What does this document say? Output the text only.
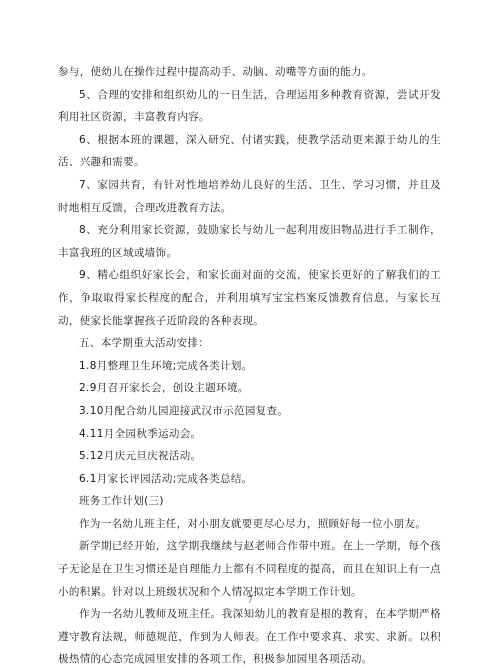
参与，使幼儿在操作过程中提高动手、动脑、动嘴等方面的能力。

5、合理的安排和组织幼儿的一日生活，合理运用多种教育资源，尝试开发利用社区资源，丰富教育内容。

6、根据本班的课题，深入研究、付诸实践，使教学活动更来源于幼儿的生活、兴趣和需要。

7、家园共育，有针对性地培养幼儿良好的生活、卫生、学习习惯，并且及时地相互反馈，合理改进教育方法。

8、充分利用家长资源，鼓励家长与幼儿一起利用废旧物品进行手工制作，丰富我班的区域或墙饰。

9、精心组织好家长会，和家长面对面的交流，使家长更好的了解我们的工作，争取取得家长程度的配合，并利用填写宝宝档案反馈教育信息，与家长互动，使家长能掌握孩子近阶段的各种表现。

五、本学期重大活动安排：

1.8月整理卫生环境;完成各类计划。

2.9月召开家长会，创设主题环境。

3.10月配合幼儿园迎接武汉市示范园复查。

4.11月全园秋季运动会。

5.12月庆元旦庆祝活动。

6.1月家长评园活动;完成各类总结。

班务工作计划(三)

作为一名幼儿班主任，对小朋友就要更尽心尽力，照顾好每一位小朋友。

新学期已经开始，这学期我继续与赵老师合作带中班。在上一学期，每个孩子无论是在卫生习惯还是自理能力上都有不同程度的提高，而且在知识上有一点小的积累。针对以上班级状况和个人情况拟定本学期工作计划。

作为一名幼儿教师及班主任。我深知幼儿的教育是根的教育，在本学期严格遵守教育法规，师德规范，作到为人师表。在工作中要求真、求实、求新。以积极热情的心态完成园里安排的各项工作，积极参加园里各项活动。

7
